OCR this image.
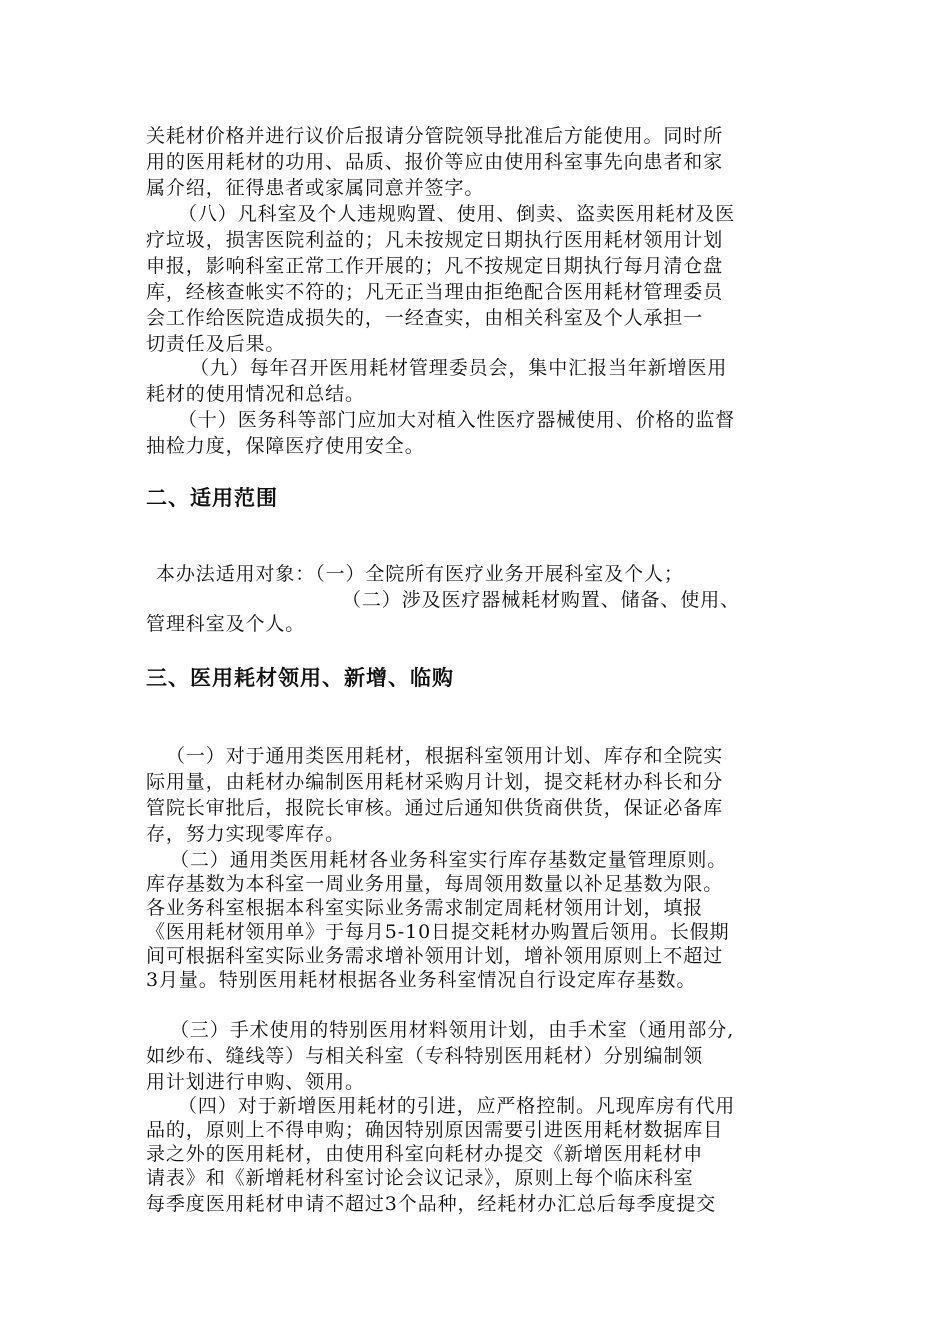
关耗材价格并进行议价后报请分管院领导批准后方能使用。同时所
用的医用耗材的功用、品质、报价等应由使用科室事先向患者和家
属介绍，征得患者或家属同意并签字。
（八）凡科室及个人违规购置、使用、倒卖、盗卖医用耗材及医
疗垃圾，损害医院利益的；凡未按规定日期执行医用耗材领用计划
申报，影响科室正常工作开展的；凡不按规定日期执行每月清仓盘
库，经核查帐实不符的；凡无正当理由拒绝配合医用耗材管理委员
会工作给医院造成损失的，一经查实，由相关科室及个人承担一
切责任及后果。
（九）每年召开医用耗材管理委员会，集中汇报当年新增医用
耗材的使用情况和总结。
（十）医务科等部门应加大对植入性医疗器械使用、价格的监督
抽检力度，保障医疗使用安全。
二、适用范围
本办法适用对象：（一）全院所有医疗业务开展科室及个人；
（二）涉及医疗器械耗材购置、储备、使用、
管理科室及个人。
三、医用耗材领用、新增、临购
（一）对于通用类医用耗材，根据科室领用计划、库存和全院实
际用量，由耗材办编制医用耗材采购月计划，提交耗材办科长和分
管院长审批后，报院长审核。通过后通知供货商供货，保证必备库
存，努力实现零库存。
（二）通用类医用耗材各业务科室实行库存基数定量管理原则。
库存基数为本科室一周业务用量，每周领用数量以补足基数为限。
各业务科室根据本科室实际业务需求制定周耗材领用计划，填报
《医用耗材领用单》于每月5-10日提交耗材办购置后领用。长假期
间可根据科室实际业务需求增补领用计划，增补领用原则上不超过
3月量。特别医用耗材根据各业务科室情况自行设定库存基数。
（三）手术使用的特别医用材料领用计划，由手术室（通用部分,
如纱布、缝线等）与相关科室（专科特别医用耗材）分别编制领
用计划进行申购、领用。
（四）对于新增医用耗材的引进，应严格控制。凡现库房有代用
品的，原则上不得申购；确因特别原因需要引进医用耗材数据库目
录之外的医用耗材，由使用科室向耗材办提交《新增医用耗材申
请表》和《新增耗材科室讨论会议记录》，原则上每个临床科室
每季度医用耗材申请不超过3个品种，经耗材办汇总后每季度提交
